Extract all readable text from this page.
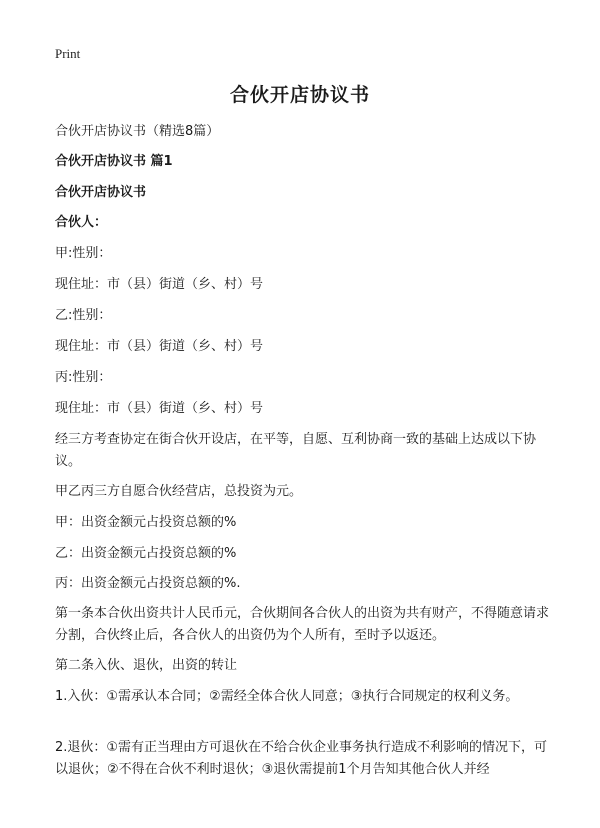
Print
合伙开店协议书

合伙开店协议书（精选8篇）

合伙开店协议书 篇1

合伙开店协议书

合伙人：

甲:性别：

现住址：市（县）街道（乡、村）号

乙:性别：

现住址：市（县）街道（乡、村）号

丙:性别：

现住址：市（县）街道（乡、村）号

经三方考查协定在街合伙开设店，在平等，自愿、互利协商一致的基础上达成以下协议。

甲乙丙三方自愿合伙经营店，总投资为元。

甲：出资金额元占投资总额的%

乙：出资金额元占投资总额的%

丙：出资金额元占投资总额的%.

第一条本合伙出资共计人民币元，合伙期间各合伙人的出资为共有财产，不得随意请求分割，合伙终止后，各合伙人的出资仍为个人所有，至时予以返还。

第二条入伙、退伙，出资的转让

1.入伙：①需承认本合同；②需经全体合伙人同意；③执行合同规定的权利义务。

2.退伙：①需有正当理由方可退伙在不给合伙企业事务执行造成不利影响的情况下，可以退伙；②不得在合伙不利时退伙；③退伙需提前1个月告知其他合伙人并经
